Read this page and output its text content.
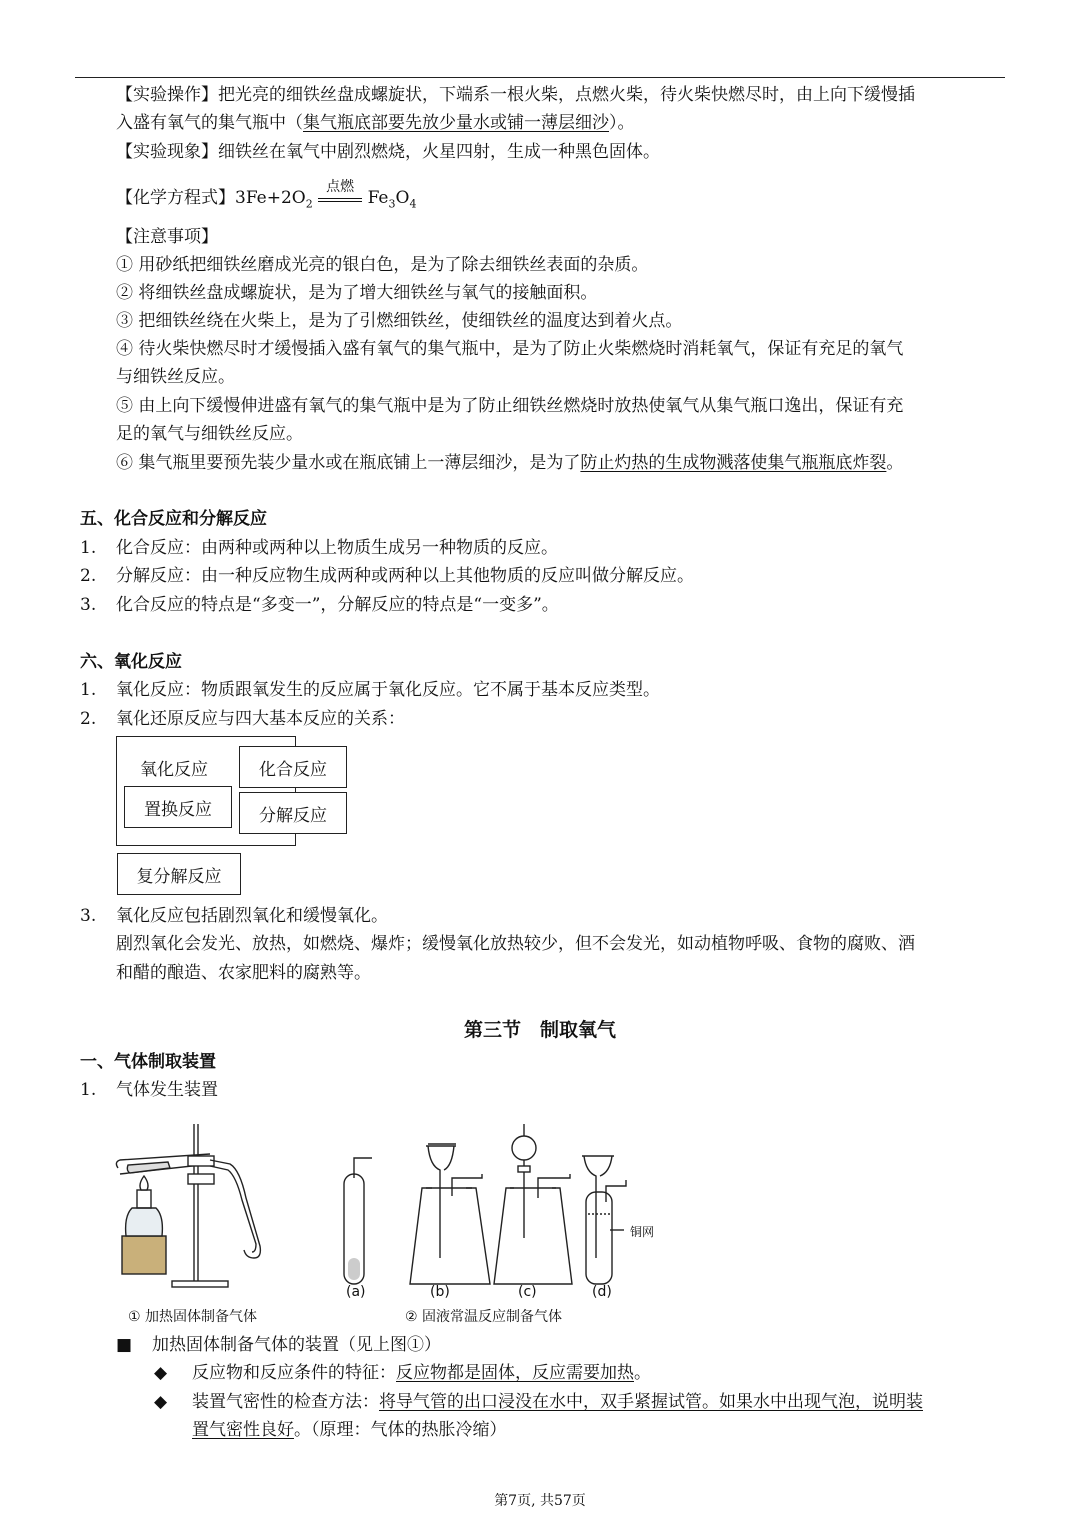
【实验操作】把光亮的细铁丝盘成螺旋状，下端系一根火柴，点燃火柴，待火柴快燃尽时，由上向下缓慢插
入盛有氧气的集气瓶中（集气瓶底部要先放少量水或铺一薄层细沙）。
【实验现象】细铁丝在氧气中剧烈燃烧，火星四射，生成一种黑色固体。
【化学方程式】$3Fe+2O_2$
点燃
$Fe_3O_4$
【注意事项】
① 用砂纸把细铁丝磨成光亮的银白色，是为了除去细铁丝表面的杂质。
② 将细铁丝盘成螺旋状，是为了增大细铁丝与氧气的接触面积。
③ 把细铁丝绕在火柴上，是为了引燃细铁丝，使细铁丝的温度达到着火点。
④ 待火柴快燃尽时才缓慢插入盛有氧气的集气瓶中，是为了防止火柴燃烧时消耗氧气，保证有充足的氧气
与细铁丝反应。
⑤ 由上向下缓慢伸进盛有氧气的集气瓶中是为了防止细铁丝燃烧时放热使氧气从集气瓶口逸出，保证有充
足的氧气与细铁丝反应。
⑥ 集气瓶里要预先装少量水或在瓶底铺上一薄层细沙，是为了防止灼热的生成物溅落使集气瓶瓶底炸裂。
五、化合反应和分解反应
1. 化合反应：由两种或两种以上物质生成另一种物质的反应。
2. 分解反应：由一种反应物生成两种或两种以上其他物质的反应叫做分解反应。
3. 化合反应的特点是“多变一”，分解反应的特点是“一变多”。
六、氧化反应
1. 氧化反应：物质跟氧发生的反应属于氧化反应。它不属于基本反应类型。
2. 氧化还原反应与四大基本反应的关系：
氧化反应
置换反应
化合反应
分解反应
复分解反应
3. 氧化反应包括剧烈氧化和缓慢氧化。
剧烈氧化会发光、放热，如燃烧、爆炸；缓慢氧化放热较少，但不会发光，如动植物呼吸、食物的腐败、酒
和醋的酿造、农家肥料的腐熟等。
第三节　制取氧气
一、气体制取装置
1. 气体发生装置
铜网
(a)	(b)	(c)	(d)
① 加热固体制备气体	② 固液常温反应制备气体
■ 加热固体制备气体的装置（见上图①）
◆ 反应物和反应条件的特征：反应物都是固体，反应需要加热。
◆ 装置气密性的检查方法：将导气管的出口浸没在水中，双手紧握试管。如果水中出现气泡，说明装
置气密性良好。（原理：气体的热胀冷缩）
第7页, 共57页
